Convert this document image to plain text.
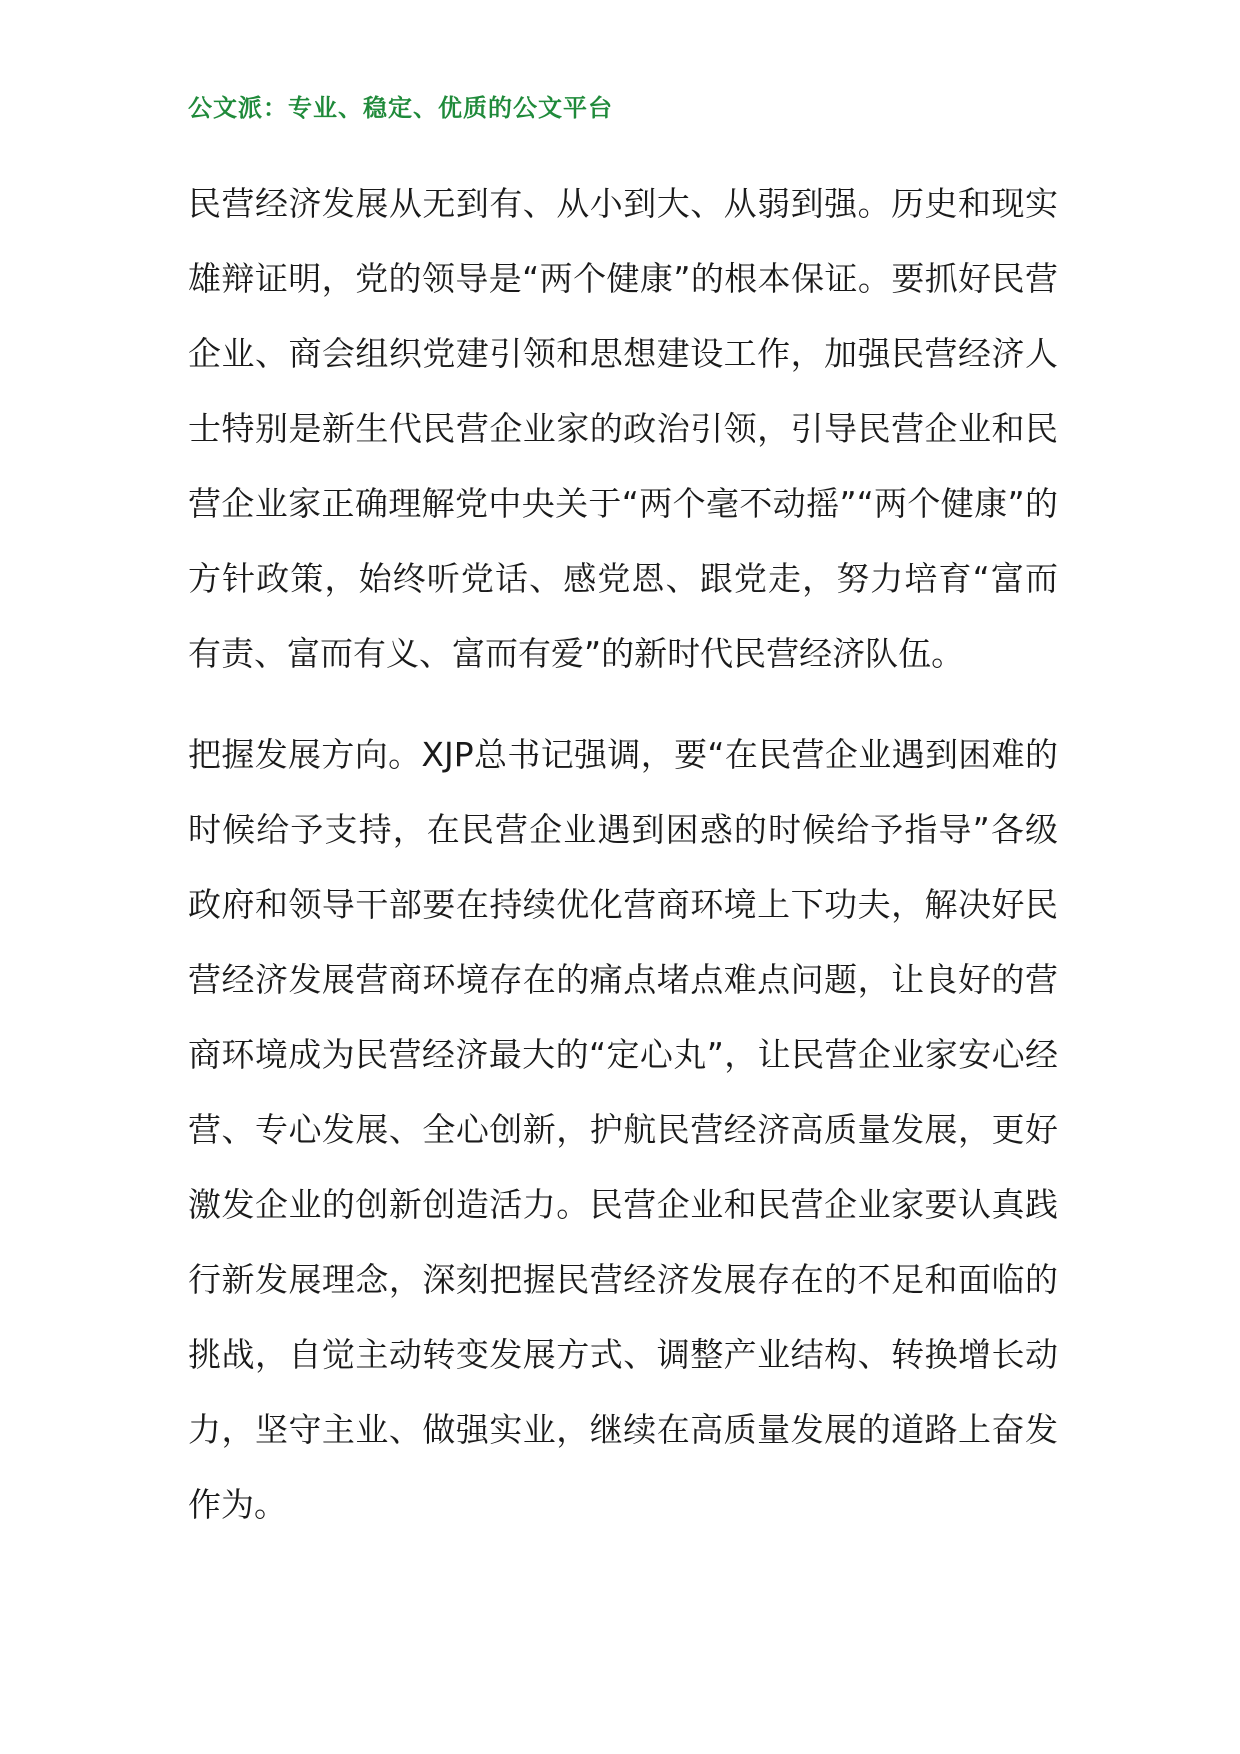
公文派：专业、稳定、优质的公文平台

民营经济发展从无到有、从小到大、从弱到强。历史和现实雄辩证明，党的领导是“两个健康”的根本保证。要抓好民营企业、商会组织党建引领和思想建设工作，加强民营经济人士特别是新生代民营企业家的政治引领，引导民营企业和民营企业家正确理解党中央关于“两个毫不动摇”“两个健康”的方针政策，始终听党话、感党恩、跟党走，努力培育“富而有责、富而有义、富而有爱”的新时代民营经济队伍。

把握发展方向。XJP总书记强调，要“在民营企业遇到困难的时候给予支持，在民营企业遇到困惑的时候给予指导”各级政府和领导干部要在持续优化营商环境上下功夫，解决好民营经济发展营商环境存在的痛点堵点难点问题，让良好的营商环境成为民营经济最大的“定心丸”，让民营企业家安心经营、专心发展、全心创新，护航民营经济高质量发展，更好激发企业的创新创造活力。民营企业和民营企业家要认真践行新发展理念，深刻把握民营经济发展存在的不足和面临的挑战，自觉主动转变发展方式、调整产业结构、转换增长动力，坚守主业、做强实业，继续在高质量发展的道路上奋发作为。
